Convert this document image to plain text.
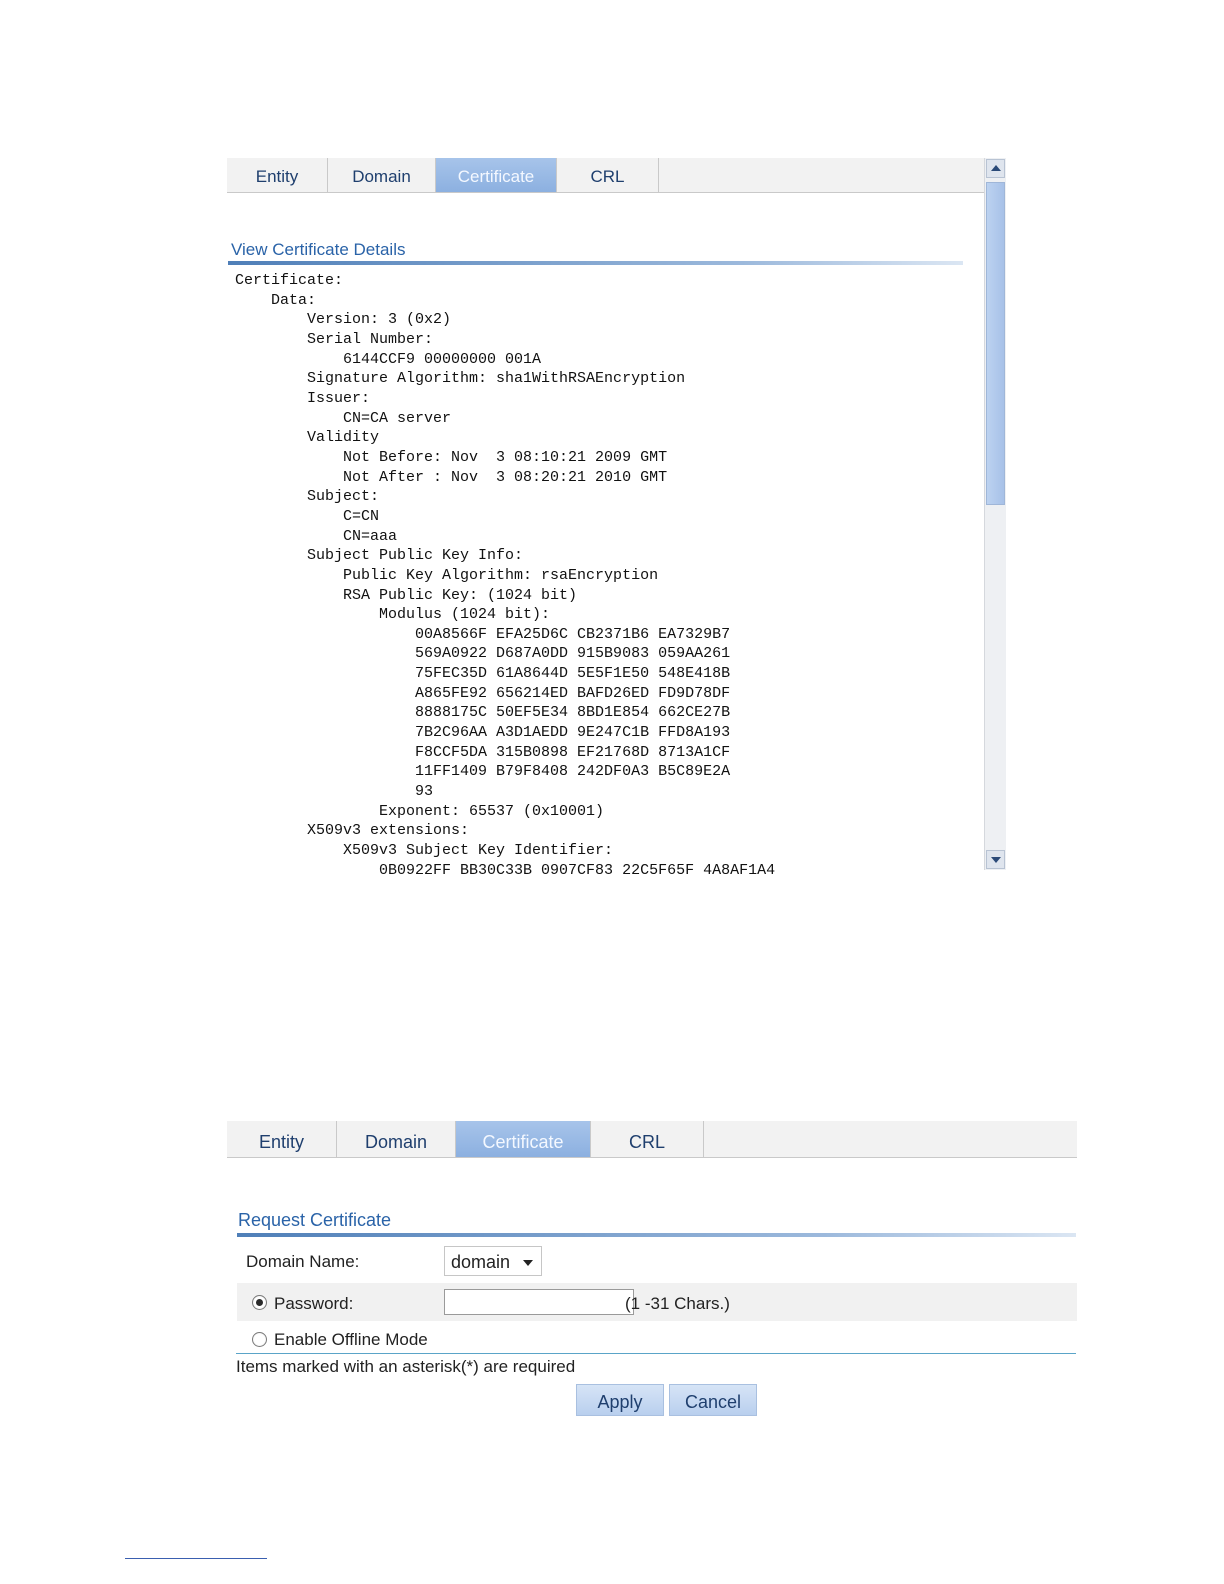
Entity	Domain	Certificate	CRL
View Certificate Details
Certificate:
Data:
Version: 3 (0x2)
Serial Number:
6144CCF9 00000000 001A
Signature Algorithm: sha1WithRSAEncryption
Issuer:
CN=CA server
Validity
Not Before: Nov  3 08:10:21 2009 GMT
Not After : Nov  3 08:20:21 2010 GMT
Subject:
C=CN
CN=aaa
Subject Public Key Info:
Public Key Algorithm: rsaEncryption
RSA Public Key: (1024 bit)
Modulus (1024 bit):
00A8566F EFA25D6C CB2371B6 EA7329B7
569A0922 D687A0DD 915B9083 059AA261
75FEC35D 61A8644D 5E5F1E50 548E418B
A865FE92 656214ED BAFD26ED FD9D78DF
8888175C 50EF5E34 8BD1E854 662CE27B
7B2C96AA A3D1AEDD 9E247C1B FFD8A193
F8CCF5DA 315B0898 EF21768D 8713A1CF
11FF1409 B79F8408 242DF0A3 B5C89E2A
93
Exponent: 65537 (0x10001)
X509v3 extensions:
X509v3 Subject Key Identifier:
0B0922FF BB30C33B 0907CF83 22C5F65F 4A8AF1A4
Entity	Domain	Certificate	CRL
Request Certificate
Domain Name:	domain
Password:	(1 -31 Chars.)
Enable Offline Mode
Items marked with an asterisk(*) are required
Apply	Cancel
